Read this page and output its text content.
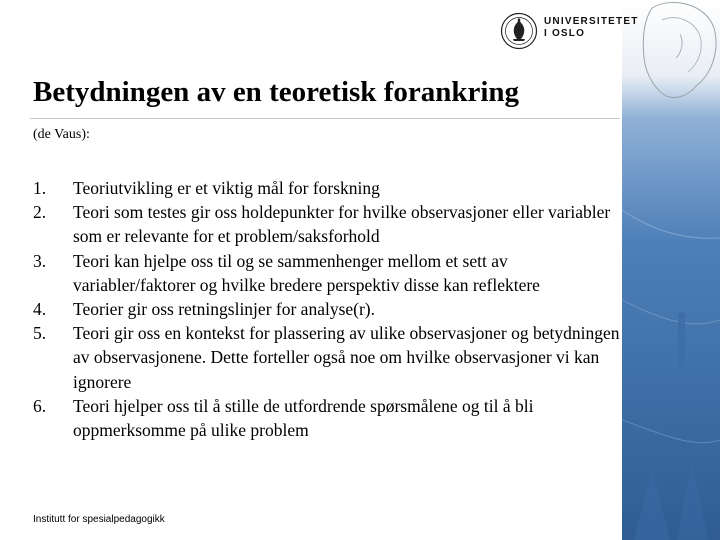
UNIVERSITETET
I OSLO
Betydningen av en teoretisk forankring
(de Vaus):
1.	Teoriutvikling er et viktig mål for forskning
2.	Teori som testes gir oss holdepunkter for hvilke observasjoner eller variabler som er relevante for et problem/saksforhold
3.	Teori kan hjelpe oss til og se sammenhenger mellom et sett av variabler/faktorer og hvilke bredere perspektiv disse kan reflektere
4.	Teorier gir oss retningslinjer for analyse(r).
5.	Teori gir oss en kontekst for plassering av ulike observasjoner og betydningen av observasjonene. Dette forteller også noe om hvilke observasjoner vi kan ignorere
6.	Teori hjelper oss til å stille de utfordrende spørsmålene og til å bli oppmerksomme på ulike problem
Institutt for spesialpedagogikk
